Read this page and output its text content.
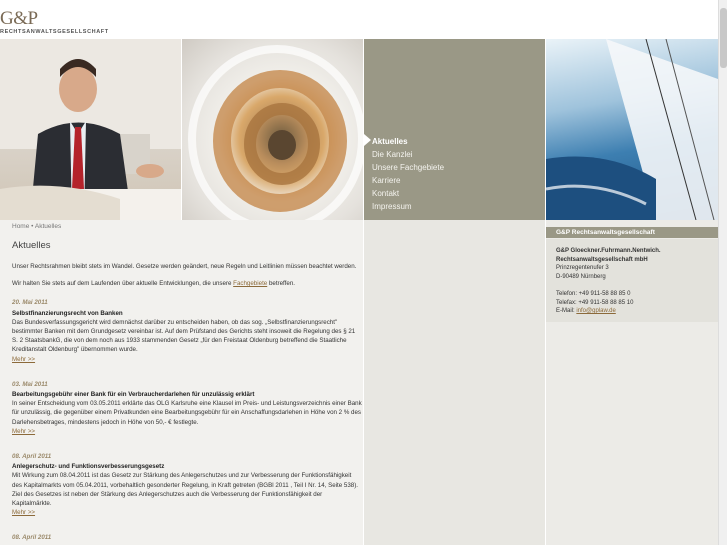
G&P
RECHTSANWALTSGESELLSCHAFT
Aktuelles
Die Kanzlei
Unsere Fachgebiete
Karriere
Kontakt
Impressum
Home • Aktuelles
Aktuelles

Unser Rechtsrahmen bleibt stets im Wandel. Gesetze werden geändert, neue Regeln und Leitlinien müssen beachtet werden.

Wir halten Sie stets auf dem Laufenden über aktuelle Entwicklungen, die unsere Fachgebiete betreffen.

20. Mai 2011
Selbstfinanzierungsrecht von Banken
Das Bundesverfassungsgericht wird demnächst darüber zu entscheiden haben, ob das sog. „Selbstfinanzierungsrecht" bestimmter Banken mit dem Grundgesetz vereinbar ist. Auf dem Prüfstand des Gerichts steht insoweit die Regelung des § 21 S. 2 StaatsbankG, die von dem noch aus 1933 stammenden Gesetz „für den Freistaat Oldenburg betreffend die Staatliche Kreditanstalt Oldenburg" übernommen wurde.
Mehr >>
03. Mai 2011
Bearbeitungsgebühr einer Bank für ein Verbraucherdarlehen für unzulässig erklärt
In seiner Entscheidung vom 03.05.2011 erklärte das OLG Karlsruhe eine Klausel im Preis- und Leistungsverzeichnis einer Bank für unzulässig, die gegenüber einem Privatkunden eine Bearbeitungsgebühr für ein Anschaffungsdarlehen in Höhe von 2 % des Darlehensbetrages, mindestens jedoch in Höhe von 50,- € festlegte.
Mehr >>
08. April 2011
Anlegerschutz- und Funktionsverbesserungsgesetz
Mit Wirkung zum 08.04.2011 ist das Gesetz zur Stärkung des Anlegerschutzes und zur Verbesserung der Funktionsfähigkeit des Kapitalmarkts vom 05.04.2011, vorbehaltlich gesonderter Regelung, in Kraft getreten (BGBl 2011 , Teil I Nr. 14, Seite 538). Ziel des Gesetzes ist neben der Stärkung des Anlegerschutzes auch die Verbesserung der Funktionsfähigkeit der Kapitalmärkte.
Mehr >>
08. April 2011
G&P Rechtsanwaltsgesellschaft
G&P Gloeckner.Fuhrmann.Nentwich.
Rechtsanwaltsgesellschaft mbH
Prinzregentenufer 3
D-90489 Nürnberg
Telefon: +49 911-58 88 85 0
Telefax: +49 911-58 88 85 10
E-Mail: info@gplaw.de
